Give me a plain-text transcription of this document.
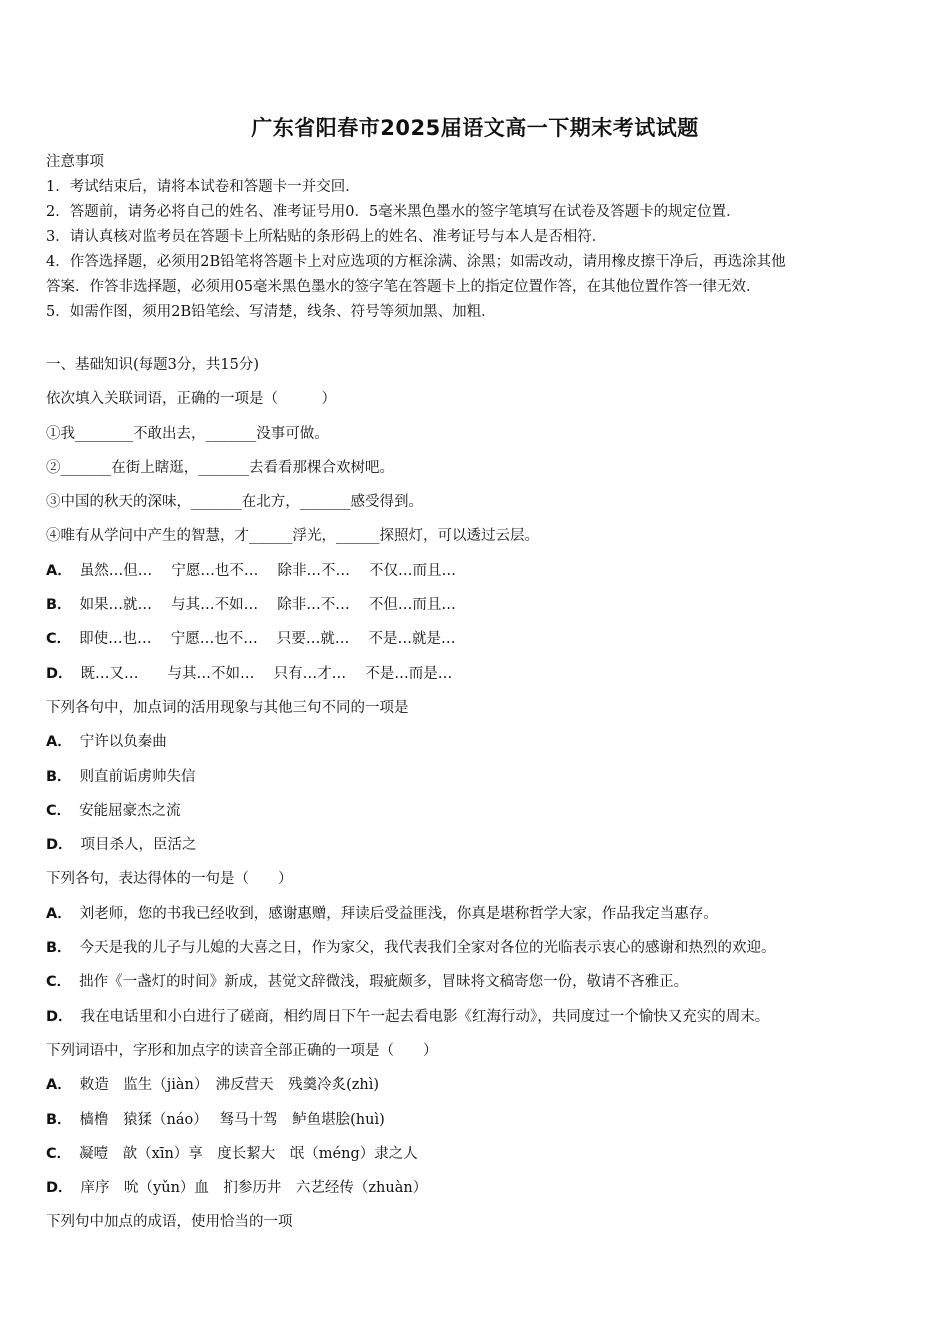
广东省阳春市2025届语文高一下期末考试试题
注意事项
1．考试结束后，请将本试卷和答题卡一并交回．
2．答题前，请务必将自己的姓名、准考证号用0．5毫米黑色墨水的签字笔填写在试卷及答题卡的规定位置．
3．请认真核对监考员在答题卡上所粘贴的条形码上的姓名、准考证号与本人是否相符．
4．作答选择题，必须用2B铅笔将答题卡上对应选项的方框涂满、涂黑；如需改动，请用橡皮擦干净后，再选涂其他
答案．作答非选择题，必须用05毫米黑色墨水的签字笔在答题卡上的指定位置作答，在其他位置作答一律无效．
5．如需作图，须用2B铅笔绘、写清楚，线条、符号等须加黑、加粗．
一、基础知识(每题3分，共15分)
依次填入关联词语，正确的一项是（　　　）
①我________不敢出去，_______没事可做。
②_______在街上瞎逛，_______去看看那棵合欢树吧。
③中国的秋天的深味，_______在北方，_______感受得到。
④唯有从学问中产生的智慧，才______浮光，______探照灯，可以透过云层。
A． 虽然…但…　 宁愿…也不…　 除非…不…　 不仅…而且…
B． 如果…就…　 与其…不如…　 除非…不…　 不但…而且…
C． 即使…也…　 宁愿…也不…　 只要…就…　 不是…就是…
D． 既…又…　　与其…不如…　 只有…才…　 不是…而是…
下列各句中，加点词的活用现象与其他三句不同的一项是
A． 宁许以负秦曲
B． 则直前诟虏帅失信
C． 安能屈豪杰之流
D． 项目杀人，臣活之
下列各句，表达得体的一句是（　　）
A． 刘老师，您的书我已经收到，感谢惠赠，拜读后受益匪浅，你真是堪称哲学大家，作品我定当惠存。
B． 今天是我的儿子与儿媳的大喜之日，作为家父，我代表我们全家对各位的光临表示衷心的感谢和热烈的欢迎。
C． 拙作《一盏灯的时间》新成，甚觉文辞微浅，瑕疵颇多，冒昧将文稿寄您一份，敬请不吝雅正。
D． 我在电话里和小白进行了磋商，相约周日下午一起去看电影《红海行动》，共同度过一个愉快又充实的周末。
下列词语中，字形和加点字的读音全部正确的一项是（　　）
A． 敕造　监生（jiàn）　沸反营天　残羹冷炙(zhì)
B． 樯橹　猿猱（náo）　 驽马十驾　鲈鱼堪脍(huì)
C． 凝噎　歆（xīn）享　度长絜大　氓（méng）隶之人
D． 庠序　吮（yǔn）血　扪参历井　六艺经传（zhuàn）
下列句中加点的成语，使用恰当的一项
